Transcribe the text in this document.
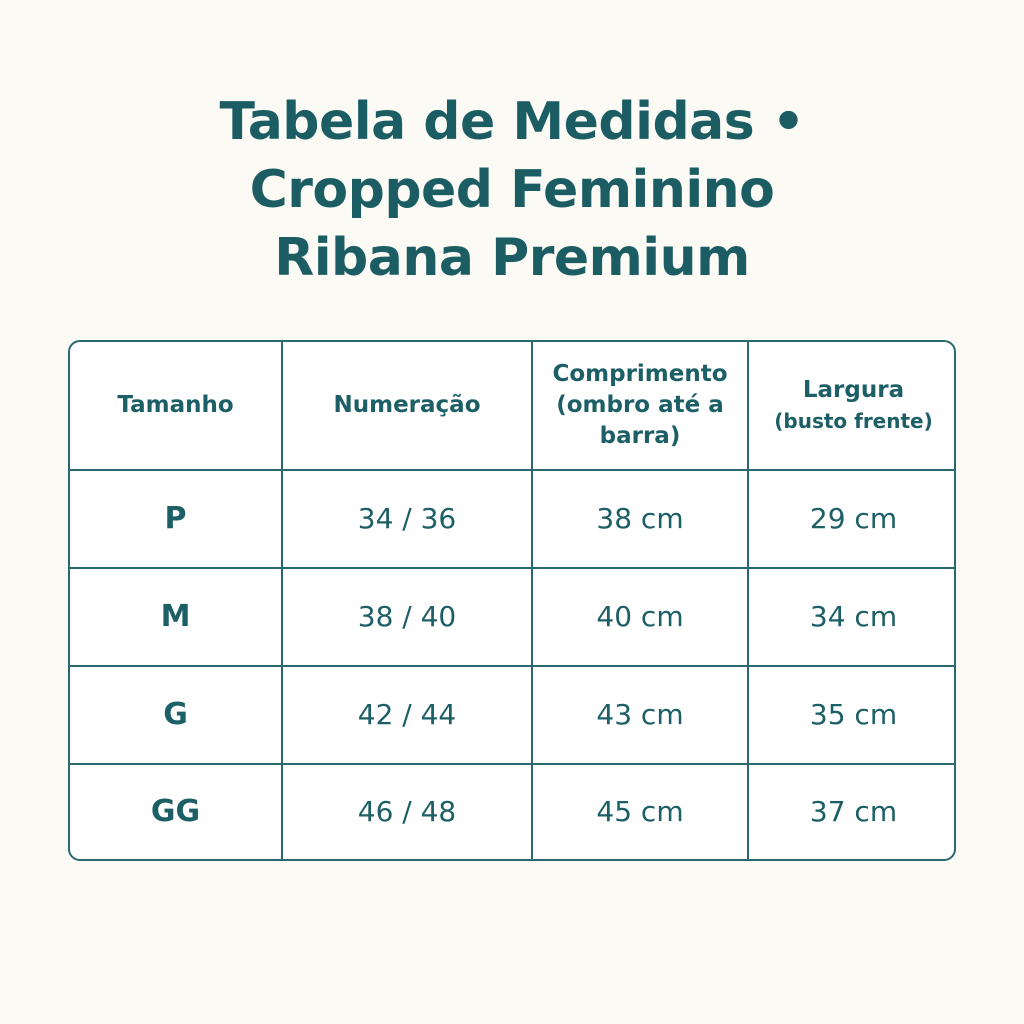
Tabela de Medidas •
Cropped Feminino
Ribana Premium
Tamanho	Numeração	Comprimento (ombro até a barra)	Largura
(busto frente)

P	34 / 36	38 cm	29 cm
M	38 / 40	40 cm	34 cm
G	42 / 44	43 cm	35 cm
GG	46 / 48	45 cm	37 cm
